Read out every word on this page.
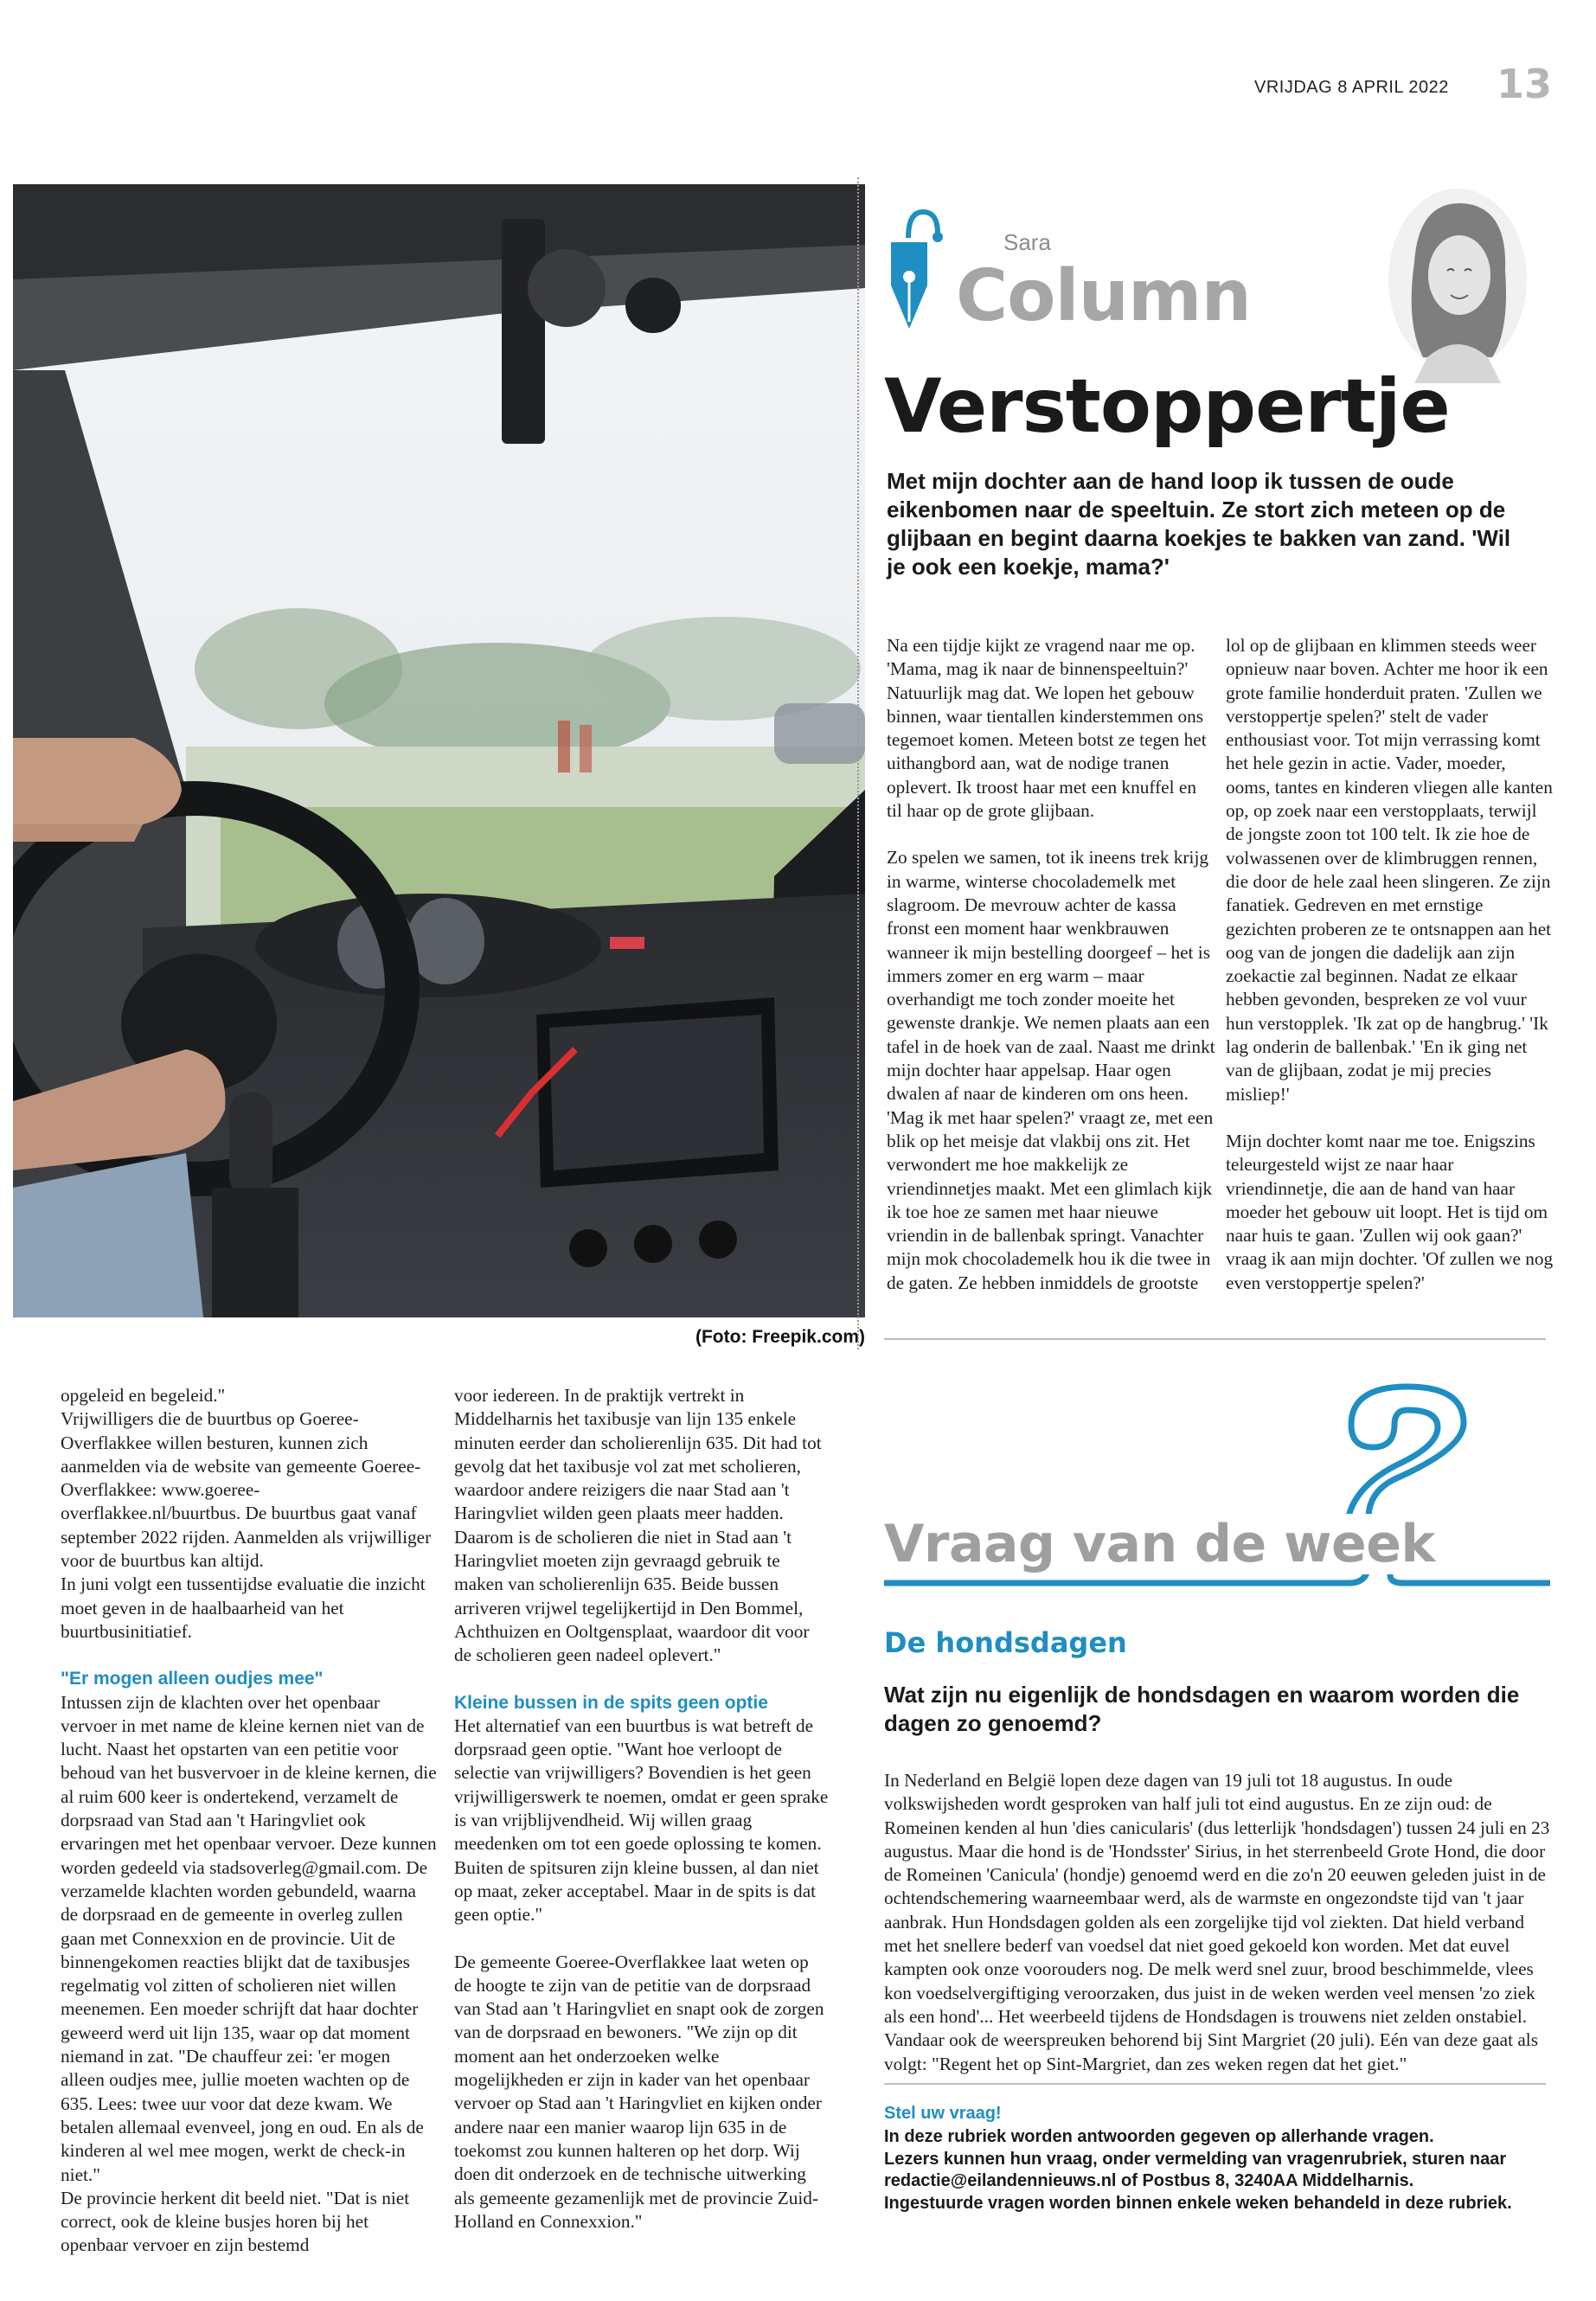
VRIJDAG 8 APRIL 2022 13
(Foto: Freepik.com)
Sara
Column
Verstoppertje
Met mijn dochter aan de hand loop ik tussen de oude eikenbomen naar de speeltuin. Ze stort zich meteen op de glijbaan en begint daarna koekjes te bakken van zand. 'Wil je ook een koekje, mama?'

Na een tijdje kijkt ze vragend naar me op. 'Mama, mag ik naar de binnenspeeltuin?' Natuurlijk mag dat. We lopen het gebouw binnen, waar tientallen kinderstemmen ons tegemoet komen. Meteen botst ze tegen het uithangbord aan, wat de nodige tranen oplevert. Ik troost haar met een knuffel en til haar op de grote glijbaan.

Zo spelen we samen, tot ik ineens trek krijg in warme, winterse chocolademelk met slagroom. De mevrouw achter de kassa fronst een moment haar wenkbrauwen wanneer ik mijn bestelling doorgeef – het is immers zomer en erg warm – maar overhandigt me toch zonder moeite het gewenste drankje. We nemen plaats aan een tafel in de hoek van de zaal. Naast me drinkt mijn dochter haar appelsap. Haar ogen dwalen af naar de kinderen om ons heen. 'Mag ik met haar spelen?' vraagt ze, met een blik op het meisje dat vlakbij ons zit. Het verwondert me hoe makkelijk ze vriendinnetjes maakt. Met een glimlach kijk ik toe hoe ze samen met haar nieuwe vriendin in de ballenbak springt. Vanachter mijn mok chocolademelk hou ik die twee in de gaten. Ze hebben inmiddels de grootste

lol op de glijbaan en klimmen steeds weer opnieuw naar boven. Achter me hoor ik een grote familie honderduit praten. 'Zullen we verstoppertje spelen?' stelt de vader enthousiast voor. Tot mijn verrassing komt het hele gezin in actie. Vader, moeder, ooms, tantes en kinderen vliegen alle kanten op, op zoek naar een verstopplaats, terwijl de jongste zoon tot 100 telt. Ik zie hoe de volwassenen over de klimbruggen rennen, die door de hele zaal heen slingeren. Ze zijn fanatiek. Gedreven en met ernstige gezichten proberen ze te ontsnappen aan het oog van de jongen die dadelijk aan zijn zoekactie zal beginnen. Nadat ze elkaar hebben gevonden, bespreken ze vol vuur hun verstopplek. 'Ik zat op de hangbrug.' 'Ik lag onderin de ballenbak.' 'En ik ging net van de glijbaan, zodat je mij precies misliep!'

Mijn dochter komt naar me toe. Enigszins teleurgesteld wijst ze naar haar vriendinnetje, die aan de hand van haar moeder het gebouw uit loopt. Het is tijd om naar huis te gaan. 'Zullen wij ook gaan?' vraag ik aan mijn dochter. 'Of zullen we nog even verstoppertje spelen?'

opgeleid en begeleid."

Vrijwilligers die de buurtbus op Goeree-Overflakkee willen besturen, kunnen zich aanmelden via de website van gemeente Goeree-Overflakkee: www.goeree-overflakkee.nl/buurtbus. De buurtbus gaat vanaf september 2022 rijden. Aanmelden als vrijwilliger voor de buurtbus kan altijd.

In juni volgt een tussentijdse evaluatie die inzicht moet geven in de haalbaarheid van het buurtbusinitiatief.

"Er mogen alleen oudjes mee"

Intussen zijn de klachten over het openbaar vervoer in met name de kleine kernen niet van de lucht. Naast het opstarten van een petitie voor behoud van het busvervoer in de kleine kernen, die al ruim 600 keer is ondertekend, verzamelt de dorpsraad van Stad aan 't Haringvliet ook ervaringen met het openbaar vervoer. Deze kunnen worden gedeeld via stadsoverleg@gmail.com. De verzamelde klachten worden gebundeld, waarna de dorpsraad en de gemeente in overleg zullen gaan met Connexxion en de provincie. Uit de binnengekomen reacties blijkt dat de taxibusjes regelmatig vol zitten of scholieren niet willen meenemen. Een moeder schrijft dat haar dochter geweerd werd uit lijn 135, waar op dat moment niemand in zat. "De chauffeur zei: 'er mogen alleen oudjes mee, jullie moeten wachten op de 635. Lees: twee uur voor dat deze kwam. We betalen allemaal evenveel, jong en oud. En als de kinderen al wel mee mogen, werkt de check-in niet."

De provincie herkent dit beeld niet. "Dat is niet correct, ook de kleine busjes horen bij het openbaar vervoer en zijn bestemd

voor iedereen. In de praktijk vertrekt in Middelharnis het taxibusje van lijn 135 enkele minuten eerder dan scholierenlijn 635. Dit had tot gevolg dat het taxibusje vol zat met scholieren, waardoor andere reizigers die naar Stad aan 't Haringvliet wilden geen plaats meer hadden. Daarom is de scholieren die niet in Stad aan 't Haringvliet moeten zijn gevraagd gebruik te maken van scholierenlijn 635. Beide bussen arriveren vrijwel tegelijkertijd in Den Bommel, Achthuizen en Ooltgensplaat, waardoor dit voor de scholieren geen nadeel oplevert."

Kleine bussen in de spits geen optie

Het alternatief van een buurtbus is wat betreft de dorpsraad geen optie. "Want hoe verloopt de selectie van vrijwilligers? Bovendien is het geen vrijwilligerswerk te noemen, omdat er geen sprake is van vrijblijvendheid. Wij willen graag meedenken om tot een goede oplossing te komen. Buiten de spitsuren zijn kleine bussen, al dan niet op maat, zeker acceptabel. Maar in de spits is dat geen optie."

De gemeente Goeree-Overflakkee laat weten op de hoogte te zijn van de petitie van de dorpsraad van Stad aan 't Haringvliet en snapt ook de zorgen van de dorpsraad en bewoners. "We zijn op dit moment aan het onderzoeken welke mogelijkheden er zijn in kader van het openbaar vervoer op Stad aan 't Haringvliet en kijken onder andere naar een manier waarop lijn 635 in de toekomst zou kunnen halteren op het dorp. Wij doen dit onderzoek en de technische uitwerking als gemeente gezamenlijk met de provincie Zuid-Holland en Connexxion."

Vraag van de week
De hondsdagen
Wat zijn nu eigenlijk de hondsdagen en waarom worden die dagen zo genoemd?
In Nederland en België lopen deze dagen van 19 juli tot 18 augustus. In oude volkswijsheden wordt gesproken van half juli tot eind augustus. En ze zijn oud: de Romeinen kenden al hun 'dies canicularis' (dus letterlijk 'hondsdagen') tussen 24 juli en 23 augustus. Maar die hond is de 'Hondsster' Sirius, in het sterrenbeeld Grote Hond, die door de Romeinen 'Canicula' (hondje) genoemd werd en die zo'n 20 eeuwen geleden juist in de ochtendschemering waarneembaar werd, als de warmste en ongezondste tijd van 't jaar aanbrak. Hun Hondsdagen golden als een zorgelijke tijd vol ziekten. Dat hield verband met het snellere bederf van voedsel dat niet goed gekoeld kon worden. Met dat euvel kampten ook onze voorouders nog. De melk werd snel zuur, brood beschimmelde, vlees kon voedselvergiftiging veroorzaken, dus juist in de weken werden veel mensen 'zo ziek als een hond'... Het weerbeeld tijdens de Hondsdagen is trouwens niet zelden onstabiel. Vandaar ook de weerspreuken behorend bij Sint Margriet (20 juli). Eén van deze gaat als volgt: "Regent het op Sint-Margriet, dan zes weken regen dat het giet."
Stel uw vraag!

In deze rubriek worden antwoorden gegeven op allerhande vragen.

Lezers kunnen hun vraag, onder vermelding van vragenrubriek, sturen naar redactie@eilandennieuws.nl of Postbus 8, 3240AA Middelharnis.

Ingestuurde vragen worden binnen enkele weken behandeld in deze rubriek.
